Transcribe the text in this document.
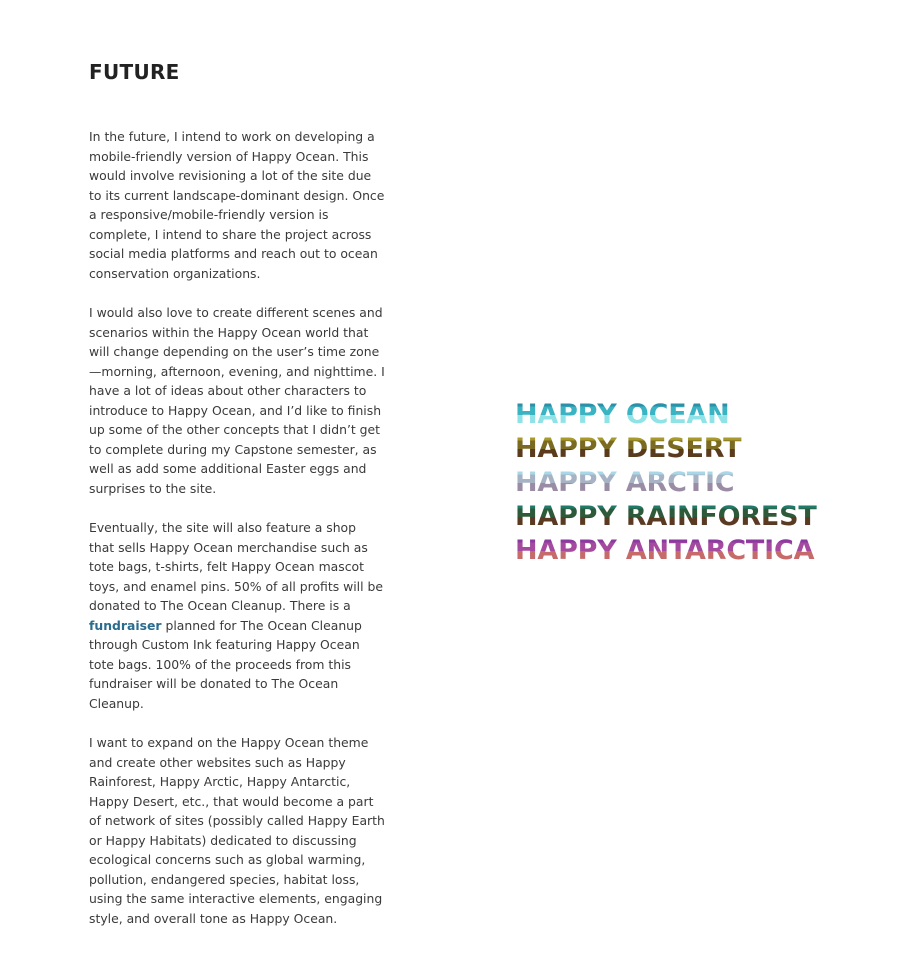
FUTURE

In the future, I intend to work on developing a mobile-friendly version of Happy Ocean. This would involve revisioning a lot of the site due to its current landscape-dominant design. Once a responsive/mobile-friendly version is complete, I intend to share the project across social media platforms and reach out to ocean conservation organizations.

I would also love to create different scenes and scenarios within the Happy Ocean world that will change depending on the user’s time zone—morning, afternoon, evening, and nighttime. I have a lot of ideas about other characters to introduce to Happy Ocean, and I’d like to finish up some of the other concepts that I didn’t get to complete during my Capstone semester, as well as add some additional Easter eggs and surprises to the site.

Eventually, the site will also feature a shop that sells Happy Ocean merchandise such as tote bags, t-shirts, felt Happy Ocean mascot toys, and enamel pins. 50% of all profits will be donated to The Ocean Cleanup. There is a fundraiser planned for The Ocean Cleanup through Custom Ink featuring Happy Ocean tote bags. 100% of the proceeds from this fundraiser will be donated to The Ocean Cleanup.

I want to expand on the Happy Ocean theme and create other websites such as Happy Rainforest, Happy Arctic, Happy Antarctic, Happy Desert, etc., that would become a part of network of sites (possibly called Happy Earth or Happy Habitats) dedicated to discussing ecological concerns such as global warming, pollution, endangered species, habitat loss, using the same interactive elements, engaging style, and overall tone as Happy Ocean.

HAPPY OCEAN
HAPPY DESERT
HAPPY ARCTIC
HAPPY RAINFOREST
HAPPY ANTARCTICA
